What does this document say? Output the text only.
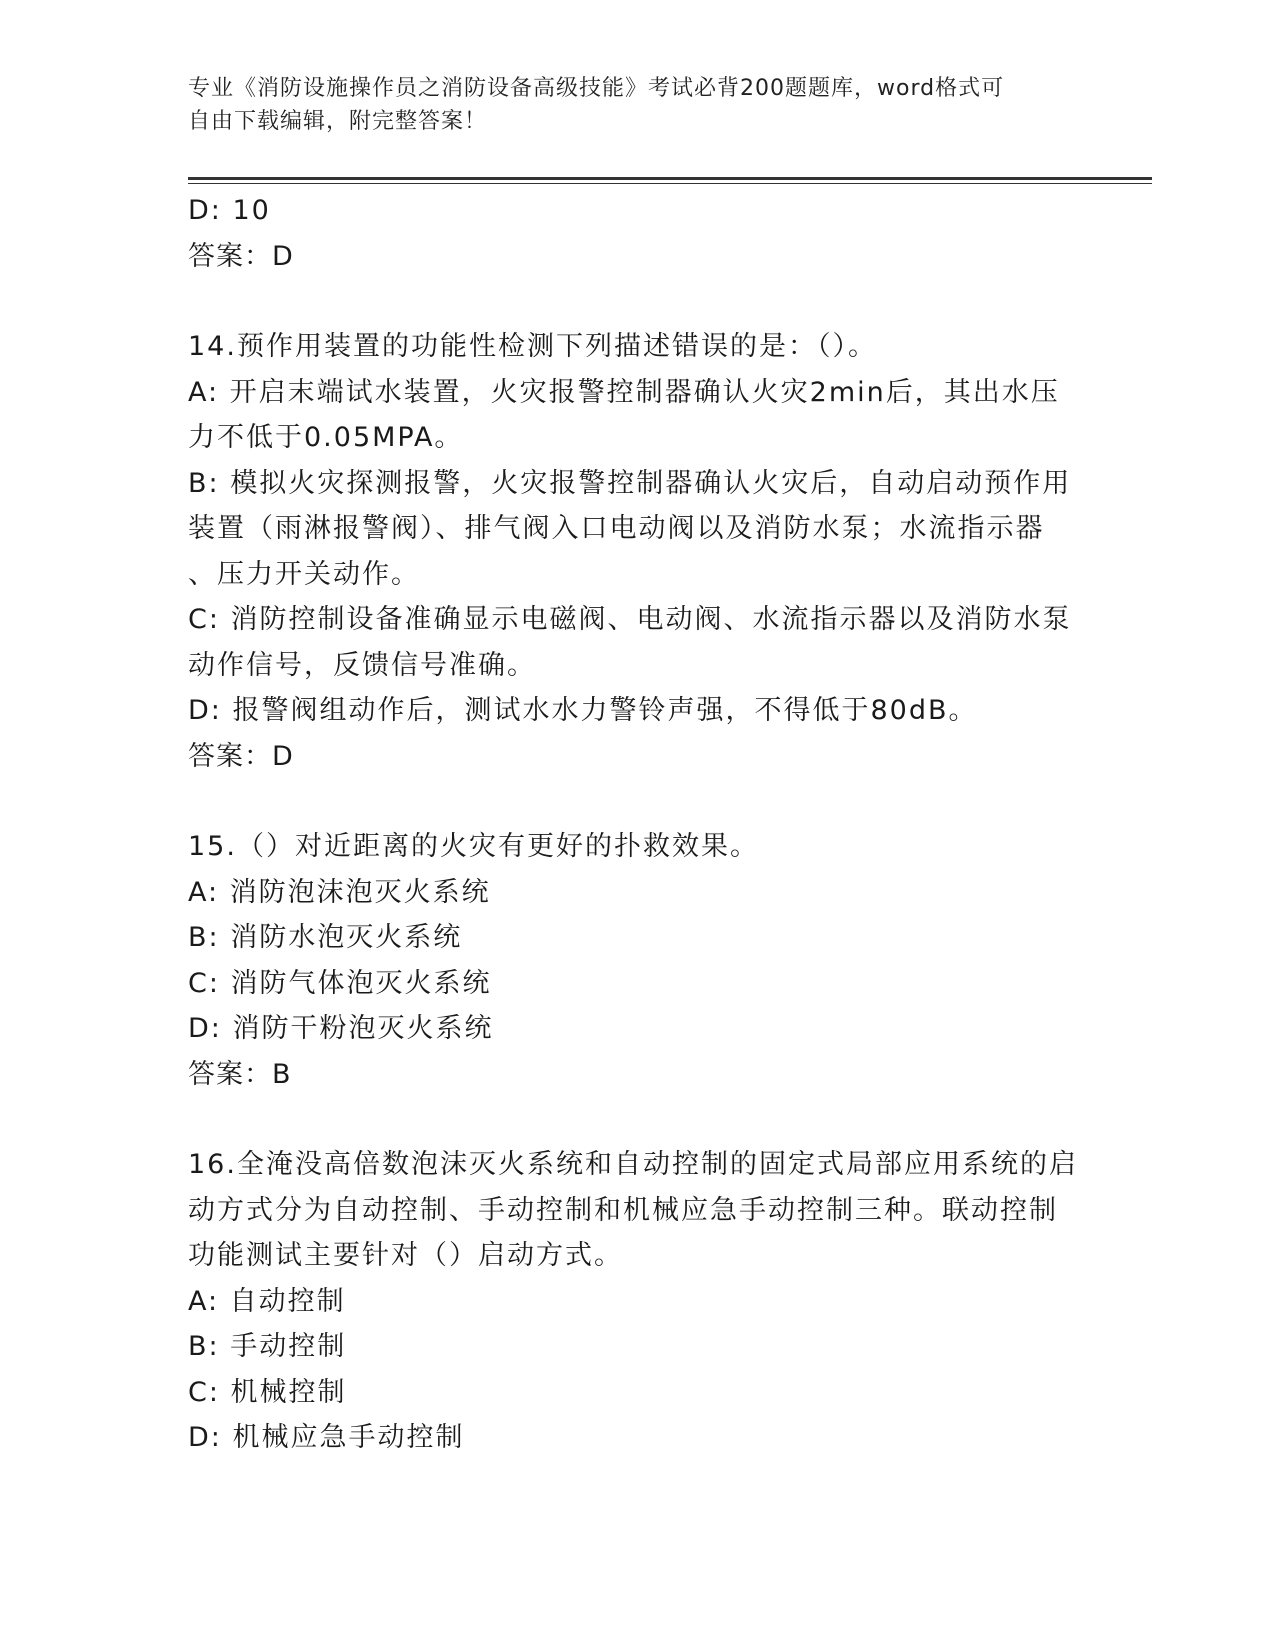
专业《消防设施操作员之消防设备高级技能》考试必背200题题库，word格式可
自由下载编辑，附完整答案！
D: 10
答案：D
14.预作用装置的功能性检测下列描述错误的是：（）。
A: 开启末端试水装置，火灾报警控制器确认火灾2min后，其出水压
力不低于0.05MPA。
B: 模拟火灾探测报警，火灾报警控制器确认火灾后，自动启动预作用
装置（雨淋报警阀）、排气阀入口电动阀以及消防水泵；水流指示器
、压力开关动作。
C: 消防控制设备准确显示电磁阀、电动阀、水流指示器以及消防水泵
动作信号，反馈信号准确。
D: 报警阀组动作后，测试水水力警铃声强，不得低于80dB。
答案：D
15.（）对近距离的火灾有更好的扑救效果。
A: 消防泡沫泡灭火系统
B: 消防水泡灭火系统
C: 消防气体泡灭火系统
D: 消防干粉泡灭火系统
答案：B
16.全淹没高倍数泡沫灭火系统和自动控制的固定式局部应用系统的启
动方式分为自动控制、手动控制和机械应急手动控制三种。联动控制
功能测试主要针对（）启动方式。
A: 自动控制
B: 手动控制
C: 机械控制
D: 机械应急手动控制
